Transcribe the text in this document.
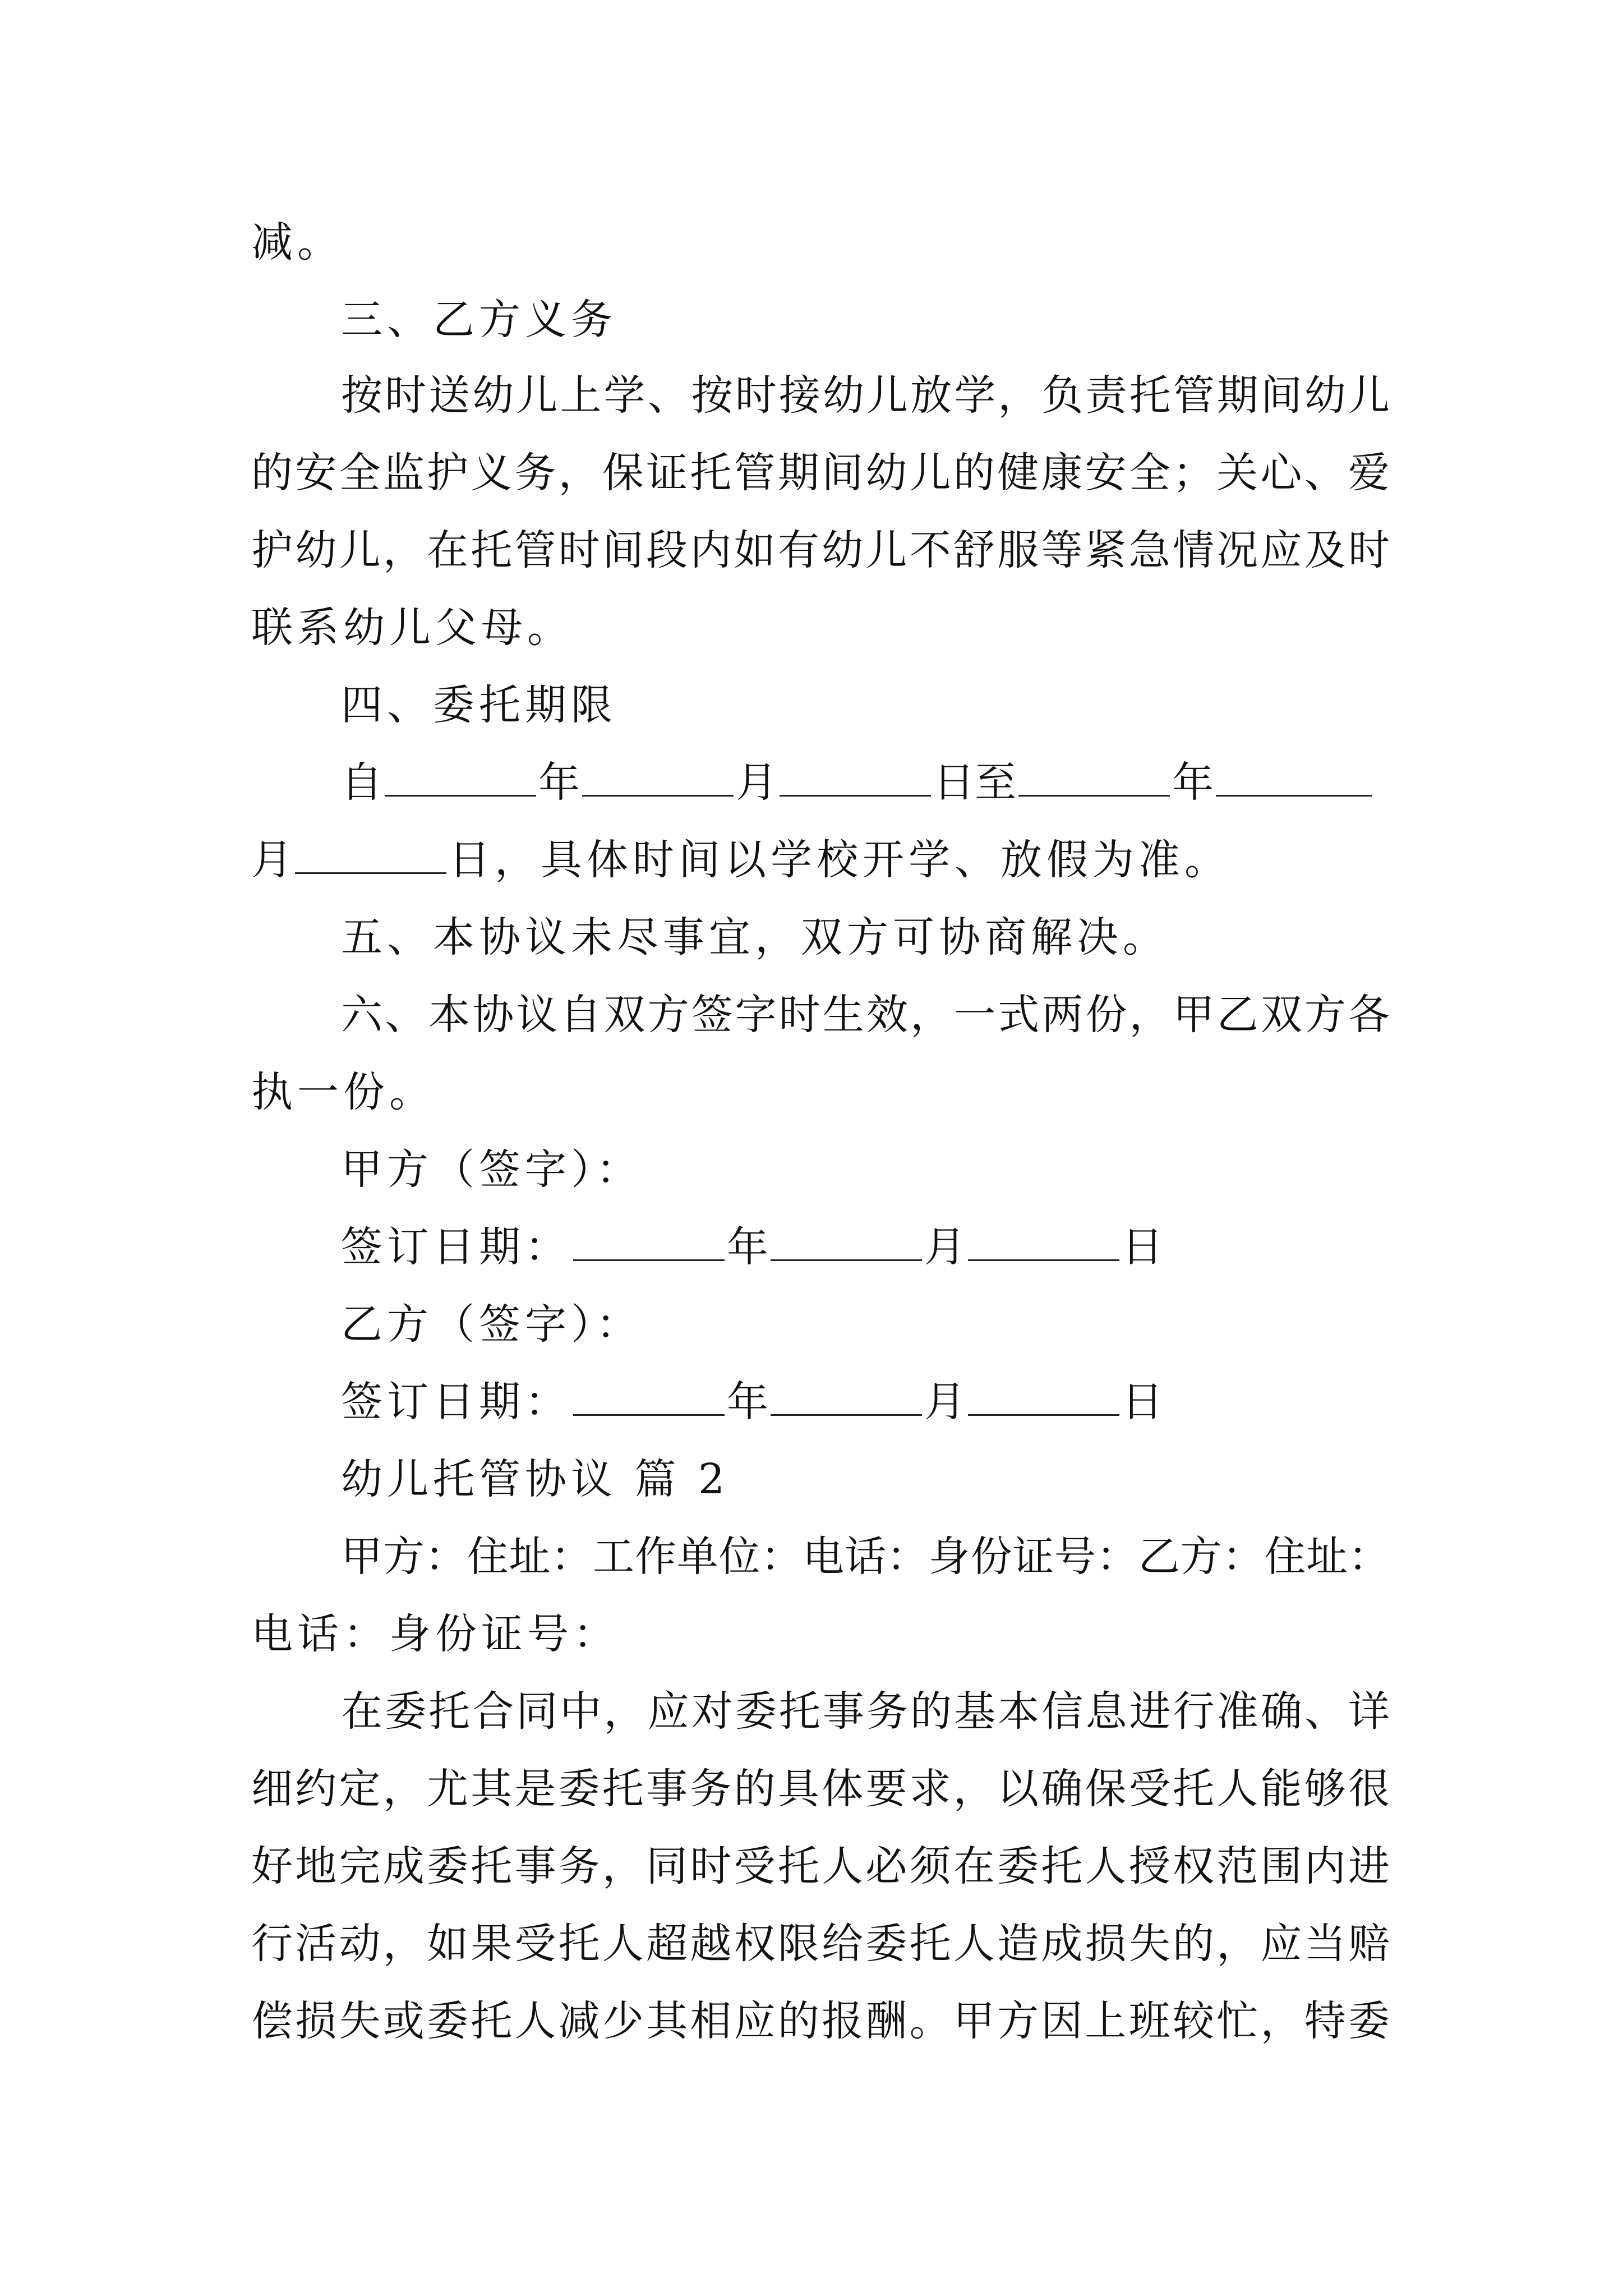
减。
三、乙方义务
按时送幼儿上学、按时接幼儿放学，负责托管期间幼儿
的安全监护义务，保证托管期间幼儿的健康安全；关心、爱
护幼儿，在托管时间段内如有幼儿不舒服等紧急情况应及时
联系幼儿父母。
四、委托期限
自	年	月	日至	年
月	日，具体时间以学校开学、放假为准。
五、本协议未尽事宜，双方可协商解决。
六、本协议自双方签字时生效，一式两份，甲乙双方各
执一份。
甲方（签字）：
签订日期：	年	月	日
乙方（签字）：
签订日期：	年	月	日
幼儿托管协议 篇 2
甲方：住址：工作单位：电话：身份证号：乙方：住址：
电话：身份证号：
在委托合同中，应对委托事务的基本信息进行准确、详
细约定，尤其是委托事务的具体要求，以确保受托人能够很
好地完成委托事务，同时受托人必须在委托人授权范围内进
行活动，如果受托人超越权限给委托人造成损失的，应当赔
偿损失或委托人减少其相应的报酬。甲方因上班较忙，特委
